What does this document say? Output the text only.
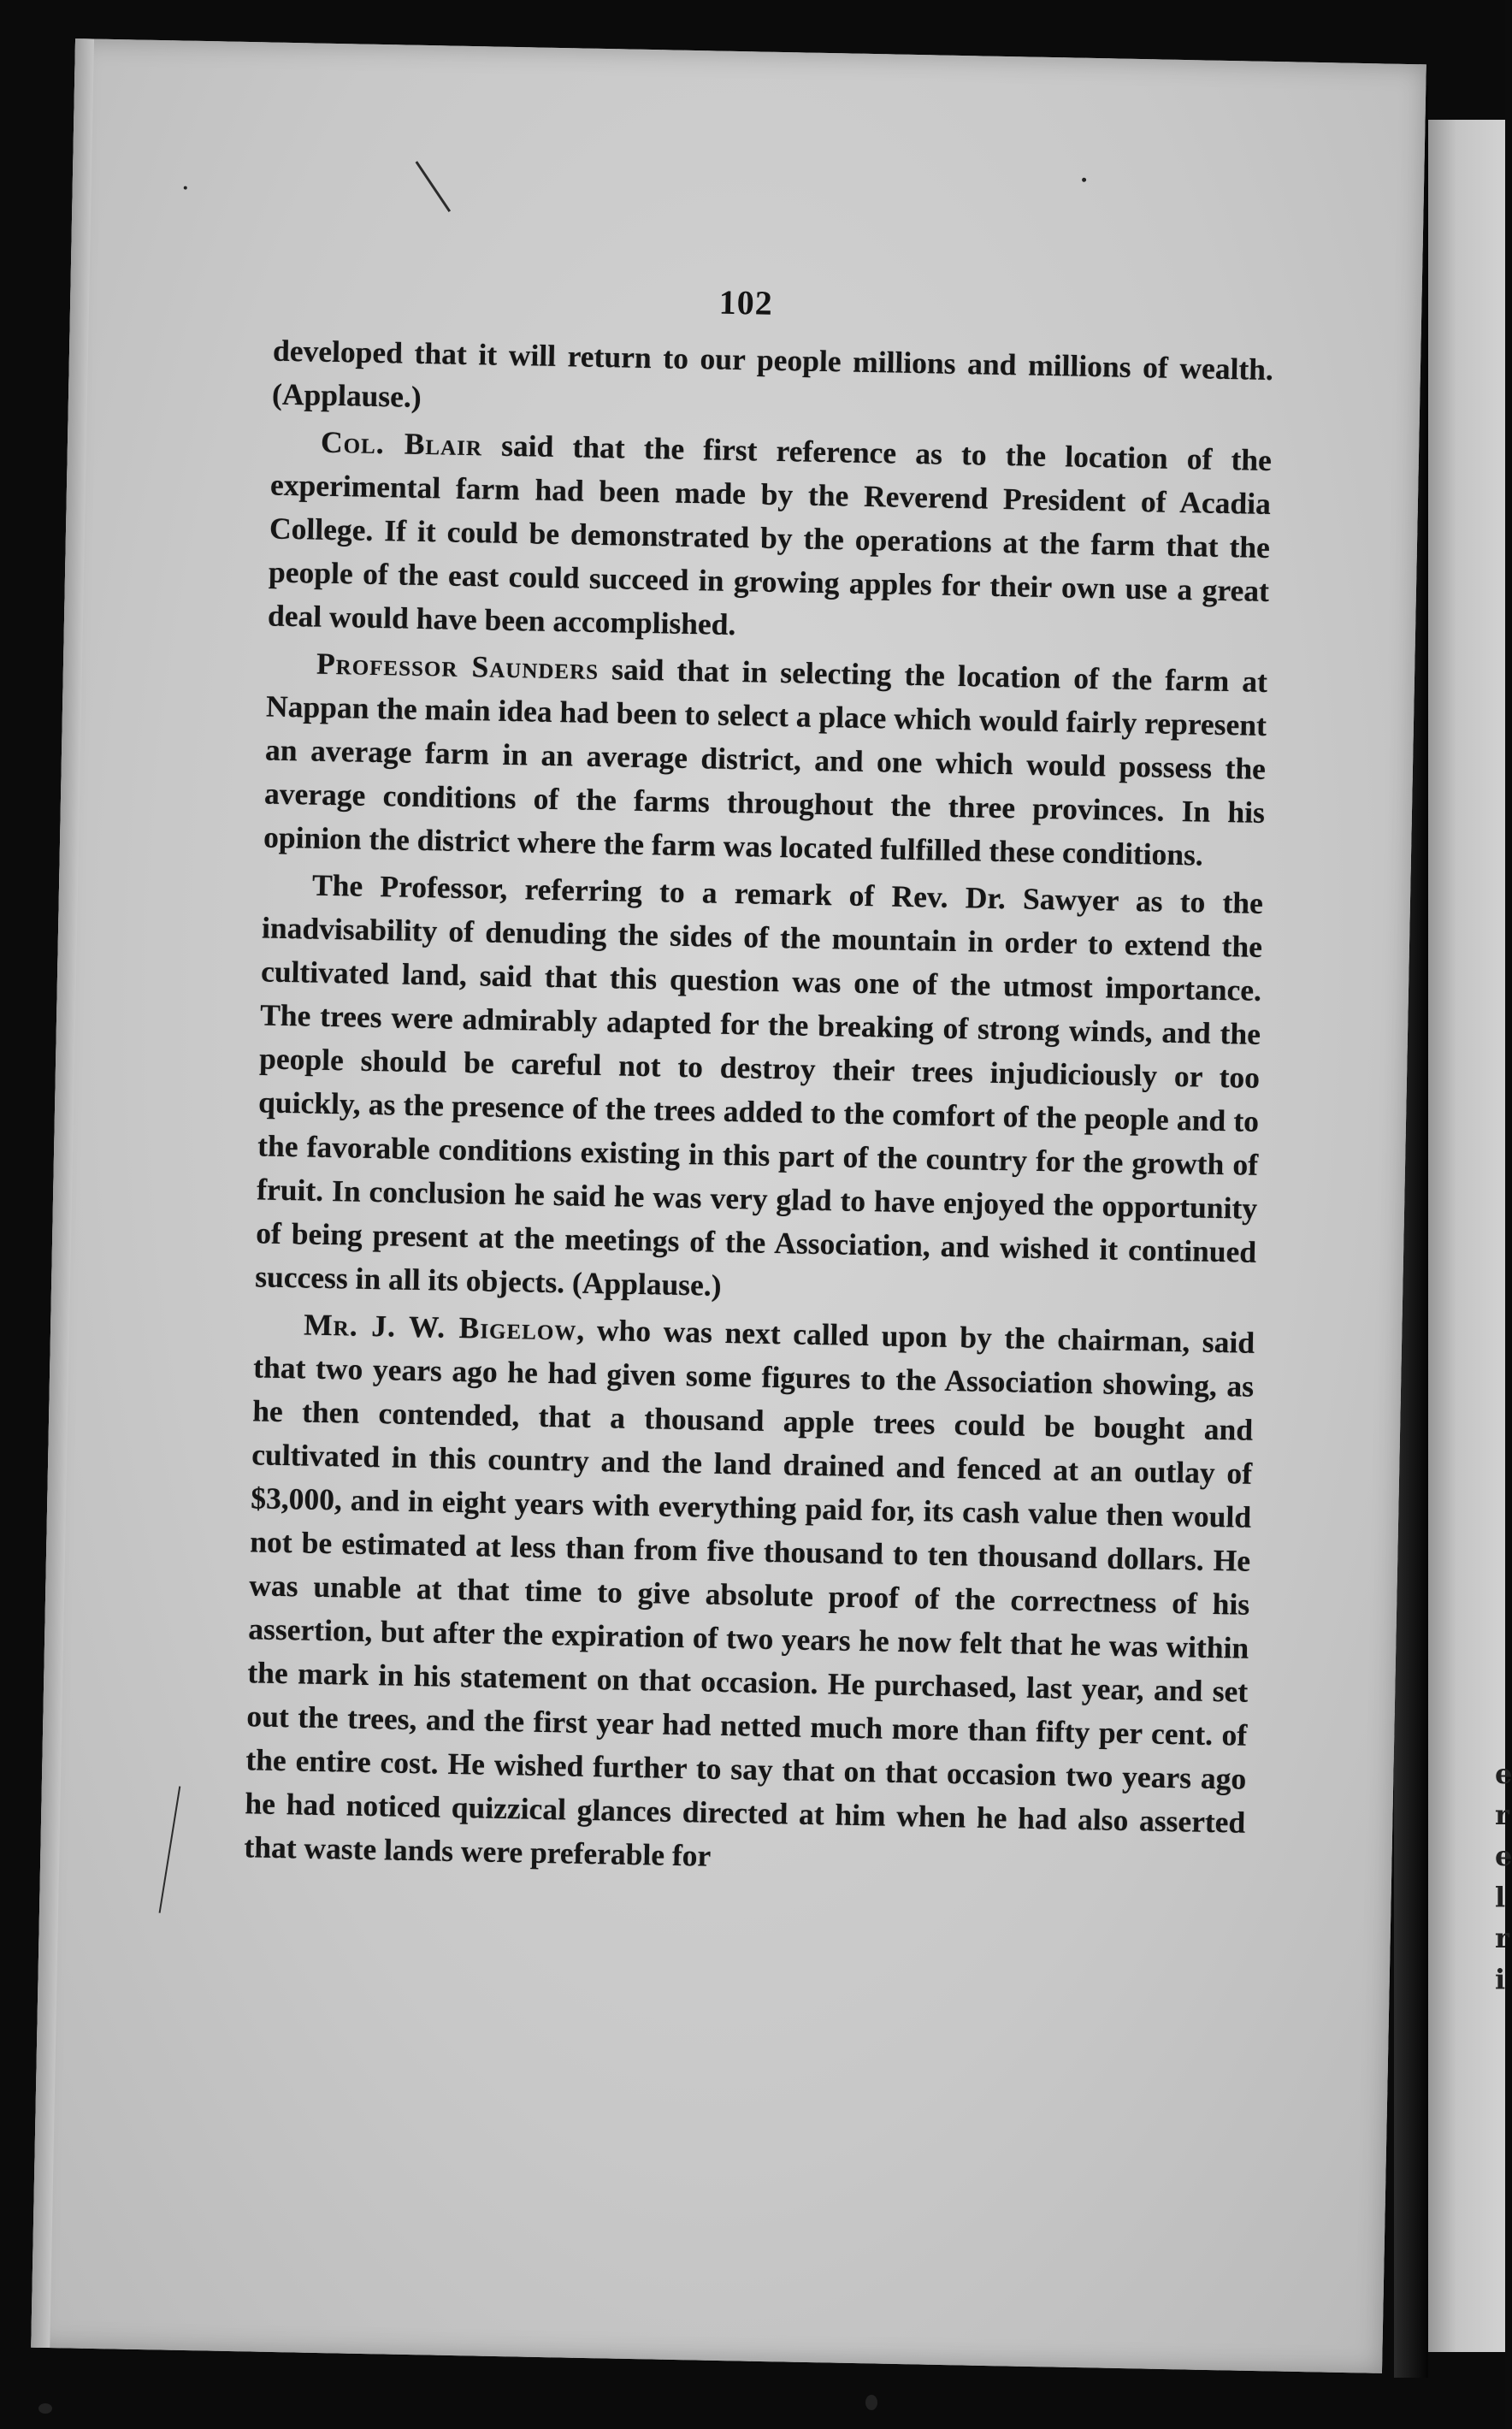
e
r
e
l
r
i
102

developed that it will return to our people millions and millions of wealth. (Applause.)

Col. Blair said that the first reference as to the location of the experimental farm had been made by the Reverend President of Acadia College. If it could be demonstrated by the operations at the farm that the people of the east could succeed in growing apples for their own use a great deal would have been accomplished.

Professor Saunders said that in selecting the location of the farm at Nappan the main idea had been to select a place which would fairly represent an average farm in an average district, and one which would possess the average conditions of the farms throughout the three provinces. In his opinion the district where the farm was located fulfilled these conditions.

The Professor, referring to a remark of Rev. Dr. Sawyer as to the inadvisability of denuding the sides of the mountain in order to extend the cultivated land, said that this question was one of the utmost importance. The trees were admirably adapted for the breaking of strong winds, and the people should be careful not to destroy their trees injudiciously or too quickly, as the presence of the trees added to the comfort of the people and to the favorable conditions existing in this part of the country for the growth of fruit. In conclusion he said he was very glad to have enjoyed the opportunity of being present at the meetings of the Association, and wished it continued success in all its objects. (Applause.)

Mr. J. W. Bigelow, who was next called upon by the chairman, said that two years ago he had given some figures to the Association showing, as he then contended, that a thousand apple trees could be bought and cultivated in this country and the land drained and fenced at an outlay of $3,000, and in eight years with everything paid for, its cash value then would not be estimated at less than from five thousand to ten thousand dollars. He was unable at that time to give absolute proof of the correctness of his assertion, but after the expiration of two years he now felt that he was within the mark in his statement on that occasion. He purchased, last year, and set out the trees, and the first year had netted much more than fifty per cent. of the entire cost. He wished further to say that on that occasion two years ago he had noticed quizzical glances directed at him when he had also asserted that waste lands were preferable for
